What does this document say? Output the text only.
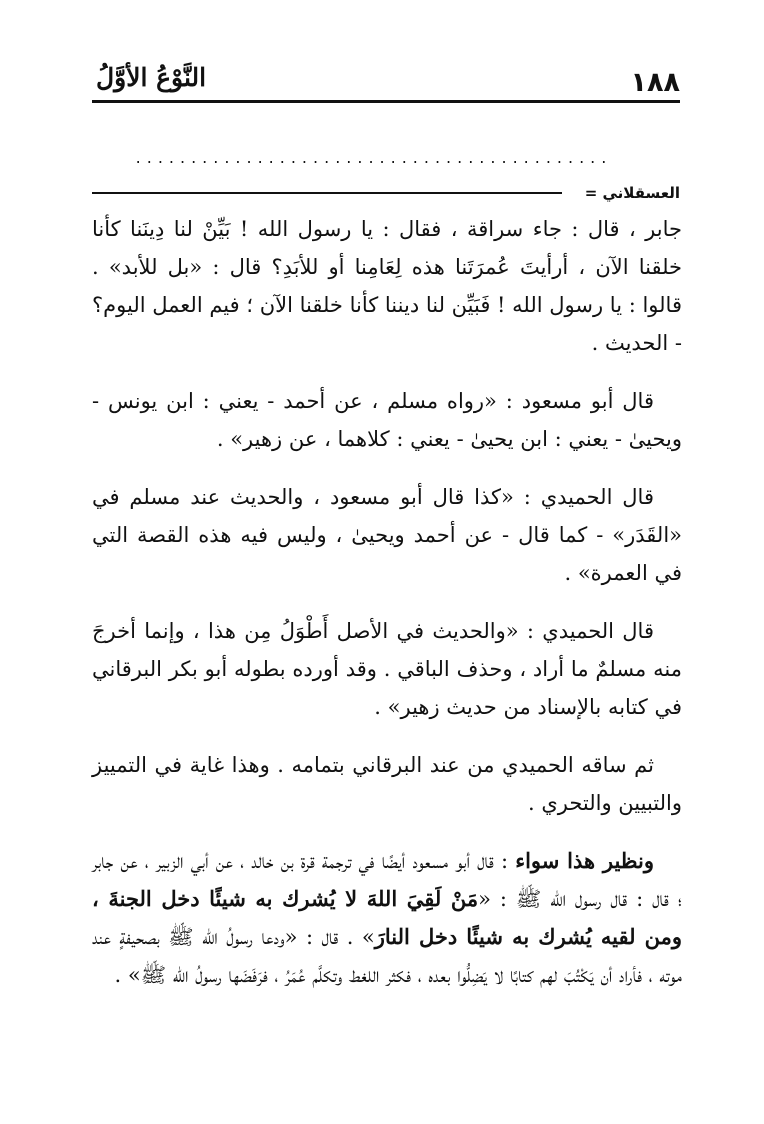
١٨٨
النَّوْعُ الأوَّلُ
...........................................
العسقلاني =

جابر ، قال : جاء سراقة ، فقال : يا رسول الله ! بَيِّنْ لنا دِينَنا كأنا خلقنا الآن ، أرأيتَ عُمرَتَنا هذه لِعَامِنا أو للأبَدِ؟ قال : «بل للأبد» . قالوا : يا رسول الله ! فَبَيِّن لنا ديننا كأنا خلقنا الآن ؛ فيم العمل اليوم؟ - الحديث .

قال أبو مسعود : «رواه مسلم ، عن أحمد - يعني : ابن يونس - ويحيىٰ - يعني : ابن يحيىٰ - يعني : كلاهما ، عن زهير» .

قال الحميدي : «كذا قال أبو مسعود ، والحديث عند مسلم في «القَدَر» - كما قال - عن أحمد ويحيىٰ ، وليس فيه هذه القصة التي في العمرة» .

قال الحميدي : «والحديث في الأصل أَطْوَلُ مِن هذا ، وإنما أخرجَ منه مسلمٌ ما أراد ، وحذف الباقي . وقد أورده بطوله أبو بكر البرقاني في كتابه بالإسناد من حديث زهير» .

ثم ساقه الحميدي من عند البرقاني بتمامه . وهذا غاية في التمييز والتبيين والتحري .

ونظير هذا سواء : قال أبو مسعود أيضًا في ترجمة قرة بن خالد ، عن أبي الزبير ، عن جابر ؛ قال : قال رسول الله ﷺ : «مَنْ لَقِيَ اللهَ لا يُشرك به شيئًا دخل الجنةَ ، ومن لقيه يُشرك به شيئًا دخل النارَ» . قال : «ودعا رسولُ الله ﷺ بصحيفةٍ عند موته ، فأراد أن يَكْتُبَ لهم كتابًا لا يَضِلُّوا بعده ، فكثر اللغط وتكلَّم عُمَرُ ، فرَفَضَها رسولُ الله ﷺ» .
